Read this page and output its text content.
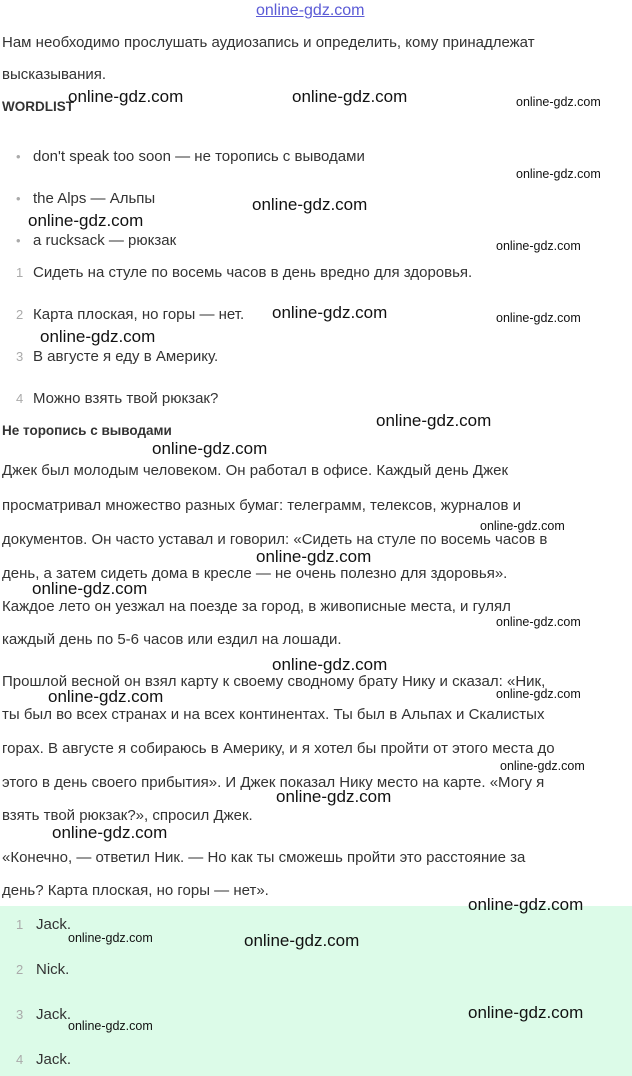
online-gdz.com
Нам необходимо прослушать аудиозапись и определить, кому принадлежат
высказывания.
WORDLIST
• don't speak too soon — не торопись с выводами
• the Alps — Альпы
• a rucksack — рюкзак
1 Сидеть на стуле по восемь часов в день вредно для здоровья.
2 Карта плоская, но горы — нет.
3 В августе я еду в Америку.
4 Можно взять твой рюкзак?
Не торопись с выводами
Джек был молодым человеком. Он работал в офисе. Каждый день Джек
просматривал множество разных бумаг: телеграмм, телексов, журналов и
документов. Он часто уставал и говорил: «Сидеть на стуле по восемь часов в
день, а затем сидеть дома в кресле — не очень полезно для здоровья».
Каждое лето он уезжал на поезде за город, в живописные места, и гулял
каждый день по 5-6 часов или ездил на лошади.
Прошлой весной он взял карту к своему сводному брату Нику и сказал: «Ник,
ты был во всех странах и на всех континентах. Ты был в Альпах и Скалистых
горах. В августе я собираюсь в Америку, и я хотел бы пройти от этого места до
этого в день своего прибытия». И Джек показал Нику место на карте. «Могу я
взять твой рюкзак?», спросил Джек.
«Конечно, — ответил Ник. — Но как ты сможешь пройти это расстояние за
день? Карта плоская, но горы — нет».
1 Jack.
2 Nick.
3 Jack.
4 Jack.
online-gdz.com	online-gdz.com	online-gdz.com
online-gdz.com
online-gdz.com
online-gdz.com
online-gdz.com
online-gdz.com	online-gdz.com
online-gdz.com
online-gdz.com
online-gdz.com
online-gdz.com
online-gdz.com
online-gdz.com
online-gdz.com
online-gdz.com
online-gdz.com	online-gdz.com
online-gdz.com
online-gdz.com
online-gdz.com
online-gdz.com
online-gdz.com	online-gdz.com
online-gdz.com
online-gdz.com
